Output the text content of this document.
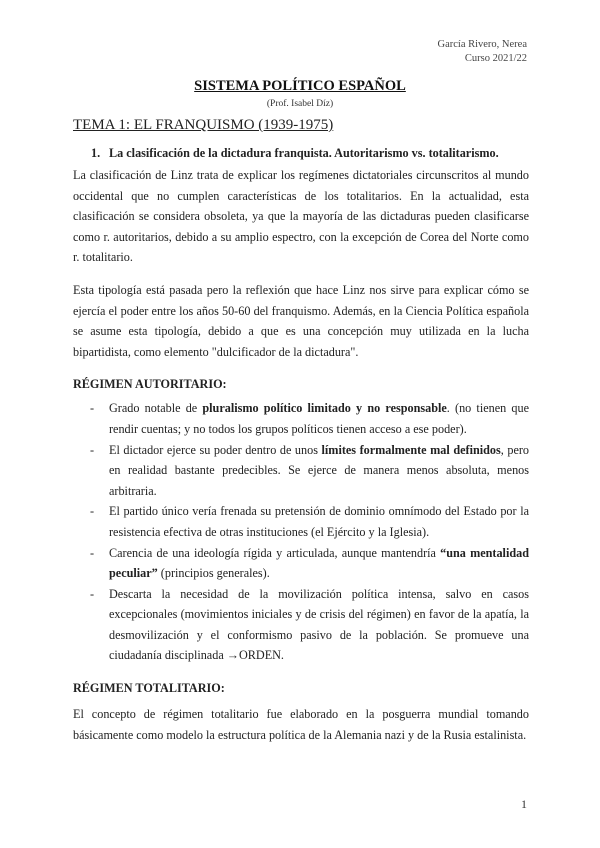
García Rivero, Nerea
Curso 2021/22
SISTEMA POLÍTICO ESPAÑOL
(Prof. Isabel Díz)
TEMA 1: EL FRANQUISMO (1939-1975)
1. La clasificación de la dictadura franquista. Autoritarismo vs. totalitarismo.

La clasificación de Linz trata de explicar los regímenes dictatoriales circunscritos al mundo occidental que no cumplen características de los totalitarios. En la actualidad, esta clasificación se considera obsoleta, ya que la mayoría de las dictaduras pueden clasificarse como r. autoritarios, debido a su amplio espectro, con la excepción de Corea del Norte como r. totalitario.

Esta tipología está pasada pero la reflexión que hace Linz nos sirve para explicar cómo se ejercía el poder entre los años 50-60 del franquismo. Además, en la Ciencia Política española se asume esta tipología, debido a que es una concepción muy utilizada en la lucha bipartidista, como elemento "dulcificador de la dictadura".

RÉGIMEN AUTORITARIO:
- Grado notable de pluralismo político limitado y no responsable. (no tienen que rendir cuentas; y no todos los grupos políticos tienen acceso a ese poder).
- El dictador ejerce su poder dentro de unos límites formalmente mal definidos, pero en realidad bastante predecibles. Se ejerce de manera menos absoluta, menos arbitraria.
- El partido único vería frenada su pretensión de dominio omnímodo del Estado por la resistencia efectiva de otras instituciones (el Ejército y la Iglesia).
- Carencia de una ideología rígida y articulada, aunque mantendría “una mentalidad peculiar” (principios generales).
- Descarta la necesidad de la movilización política intensa, salvo en casos excepcionales (movimientos iniciales y de crisis del régimen) en favor de la apatía, la desmovilización y el conformismo pasivo de la población. Se promueve una ciudadanía disciplinada →ORDEN.
RÉGIMEN TOTALITARIO:

El concepto de régimen totalitario fue elaborado en la posguerra mundial tomando básicamente como modelo la estructura política de la Alemania nazi y de la Rusia estalinista.

1
